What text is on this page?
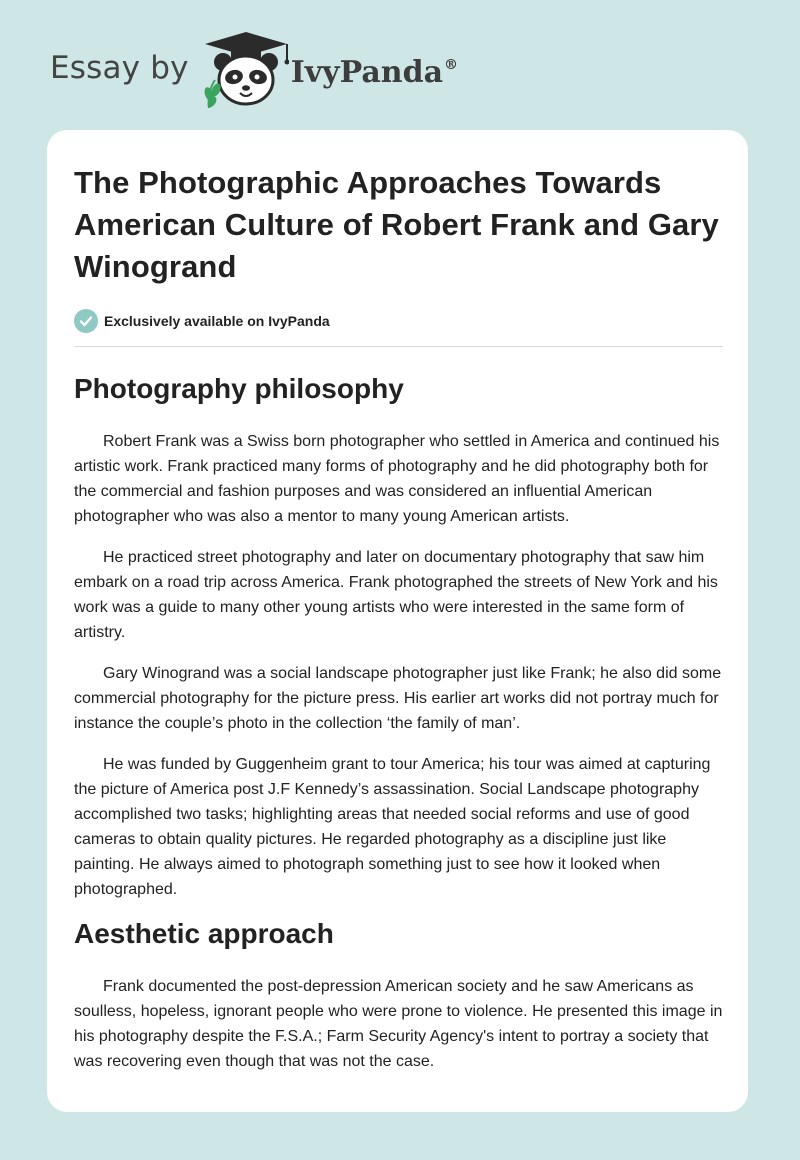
Essay by	IvyPanda®
The Photographic Approaches Towards American Culture of Robert Frank and Gary Winogrand
Exclusively available on IvyPanda
Photography philosophy

Robert Frank was a Swiss born photographer who settled in America and continued his artistic work. Frank practiced many forms of photography and he did photography both for the commercial and fashion purposes and was considered an influential American photographer who was also a mentor to many young American artists.

He practiced street photography and later on documentary photography that saw him embark on a road trip across America. Frank photographed the streets of New York and his work was a guide to many other young artists who were interested in the same form of artistry.

Gary Winogrand was a social landscape photographer just like Frank; he also did some commercial photography for the picture press. His earlier art works did not portray much for instance the couple’s photo in the collection ‘the family of man’.

He was funded by Guggenheim grant to tour America; his tour was aimed at capturing the picture of America post J.F Kennedy’s assassination. Social Landscape photography accomplished two tasks; highlighting areas that needed social reforms and use of good cameras to obtain quality pictures. He regarded photography as a discipline just like painting. He always aimed to photograph something just to see how it looked when photographed.

Aesthetic approach

Frank documented the post-depression American society and he saw Americans as soulless, hopeless, ignorant people who were prone to violence. He presented this image in his photography despite the F.S.A.; Farm Security Agency's intent to portray a society that was recovering even though that was not the case.
